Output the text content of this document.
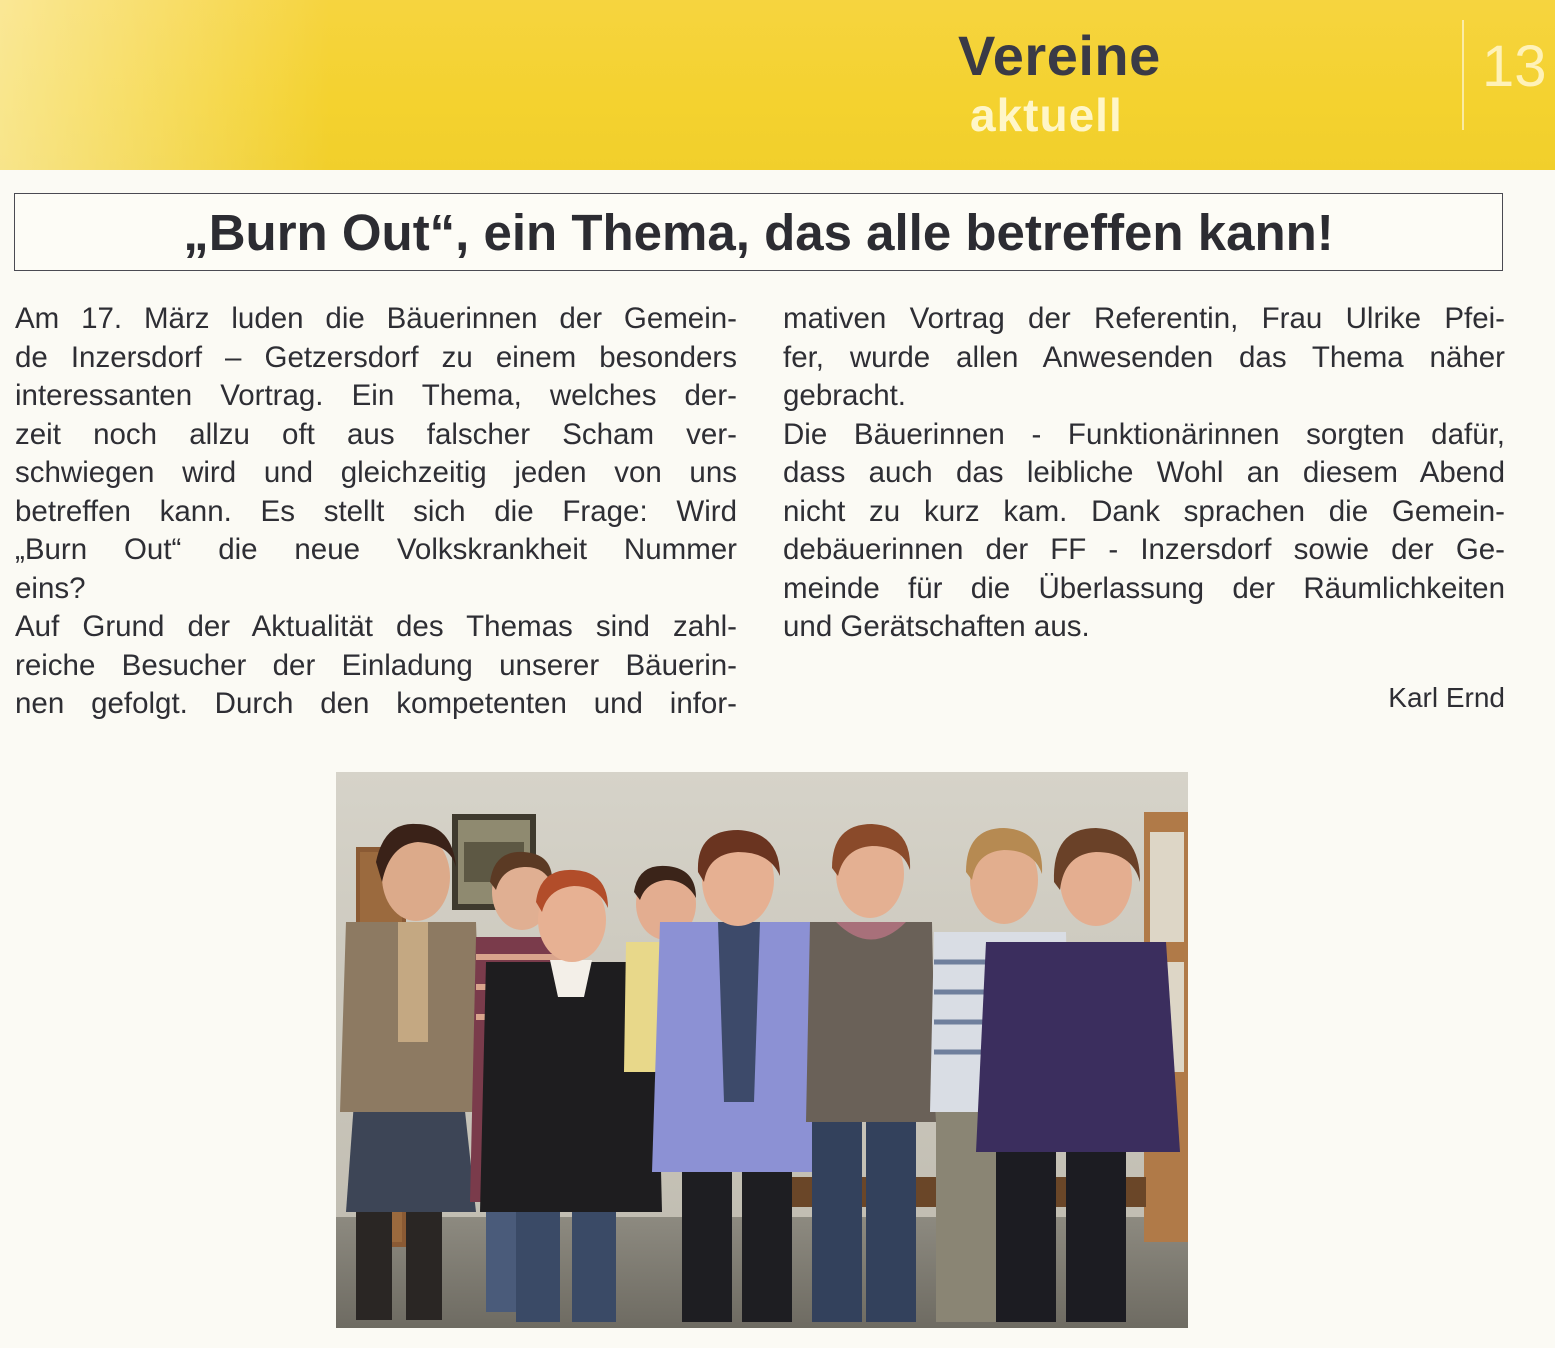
Vereine
aktuell
13
„Burn Out“, ein Thema, das alle betreffen kann!
Am 17. März luden die Bäuerinnen der Gemein-
de Inzersdorf – Getzersdorf zu einem besonders
interessanten Vortrag. Ein Thema, welches der-
zeit noch allzu oft aus falscher Scham ver-
schwiegen wird und gleichzeitig jeden von uns
betreffen kann. Es stellt sich die Frage: Wird
„Burn Out“ die neue Volkskrankheit Nummer
eins?
Auf Grund der Aktualität des Themas sind zahl-
reiche Besucher der Einladung unserer Bäuerin-
nen gefolgt. Durch den kompetenten und infor-
mativen Vortrag der Referentin, Frau Ulrike Pfei-
fer, wurde allen Anwesenden das Thema näher
gebracht.
Die Bäuerinnen - Funktionärinnen sorgten dafür,
dass auch das leibliche Wohl an diesem Abend
nicht zu kurz kam. Dank sprachen die Gemein-
debäuerinnen der FF - Inzersdorf sowie der Ge-
meinde für die Überlassung der Räumlichkeiten
und Gerätschaften aus.
Karl Ernd
